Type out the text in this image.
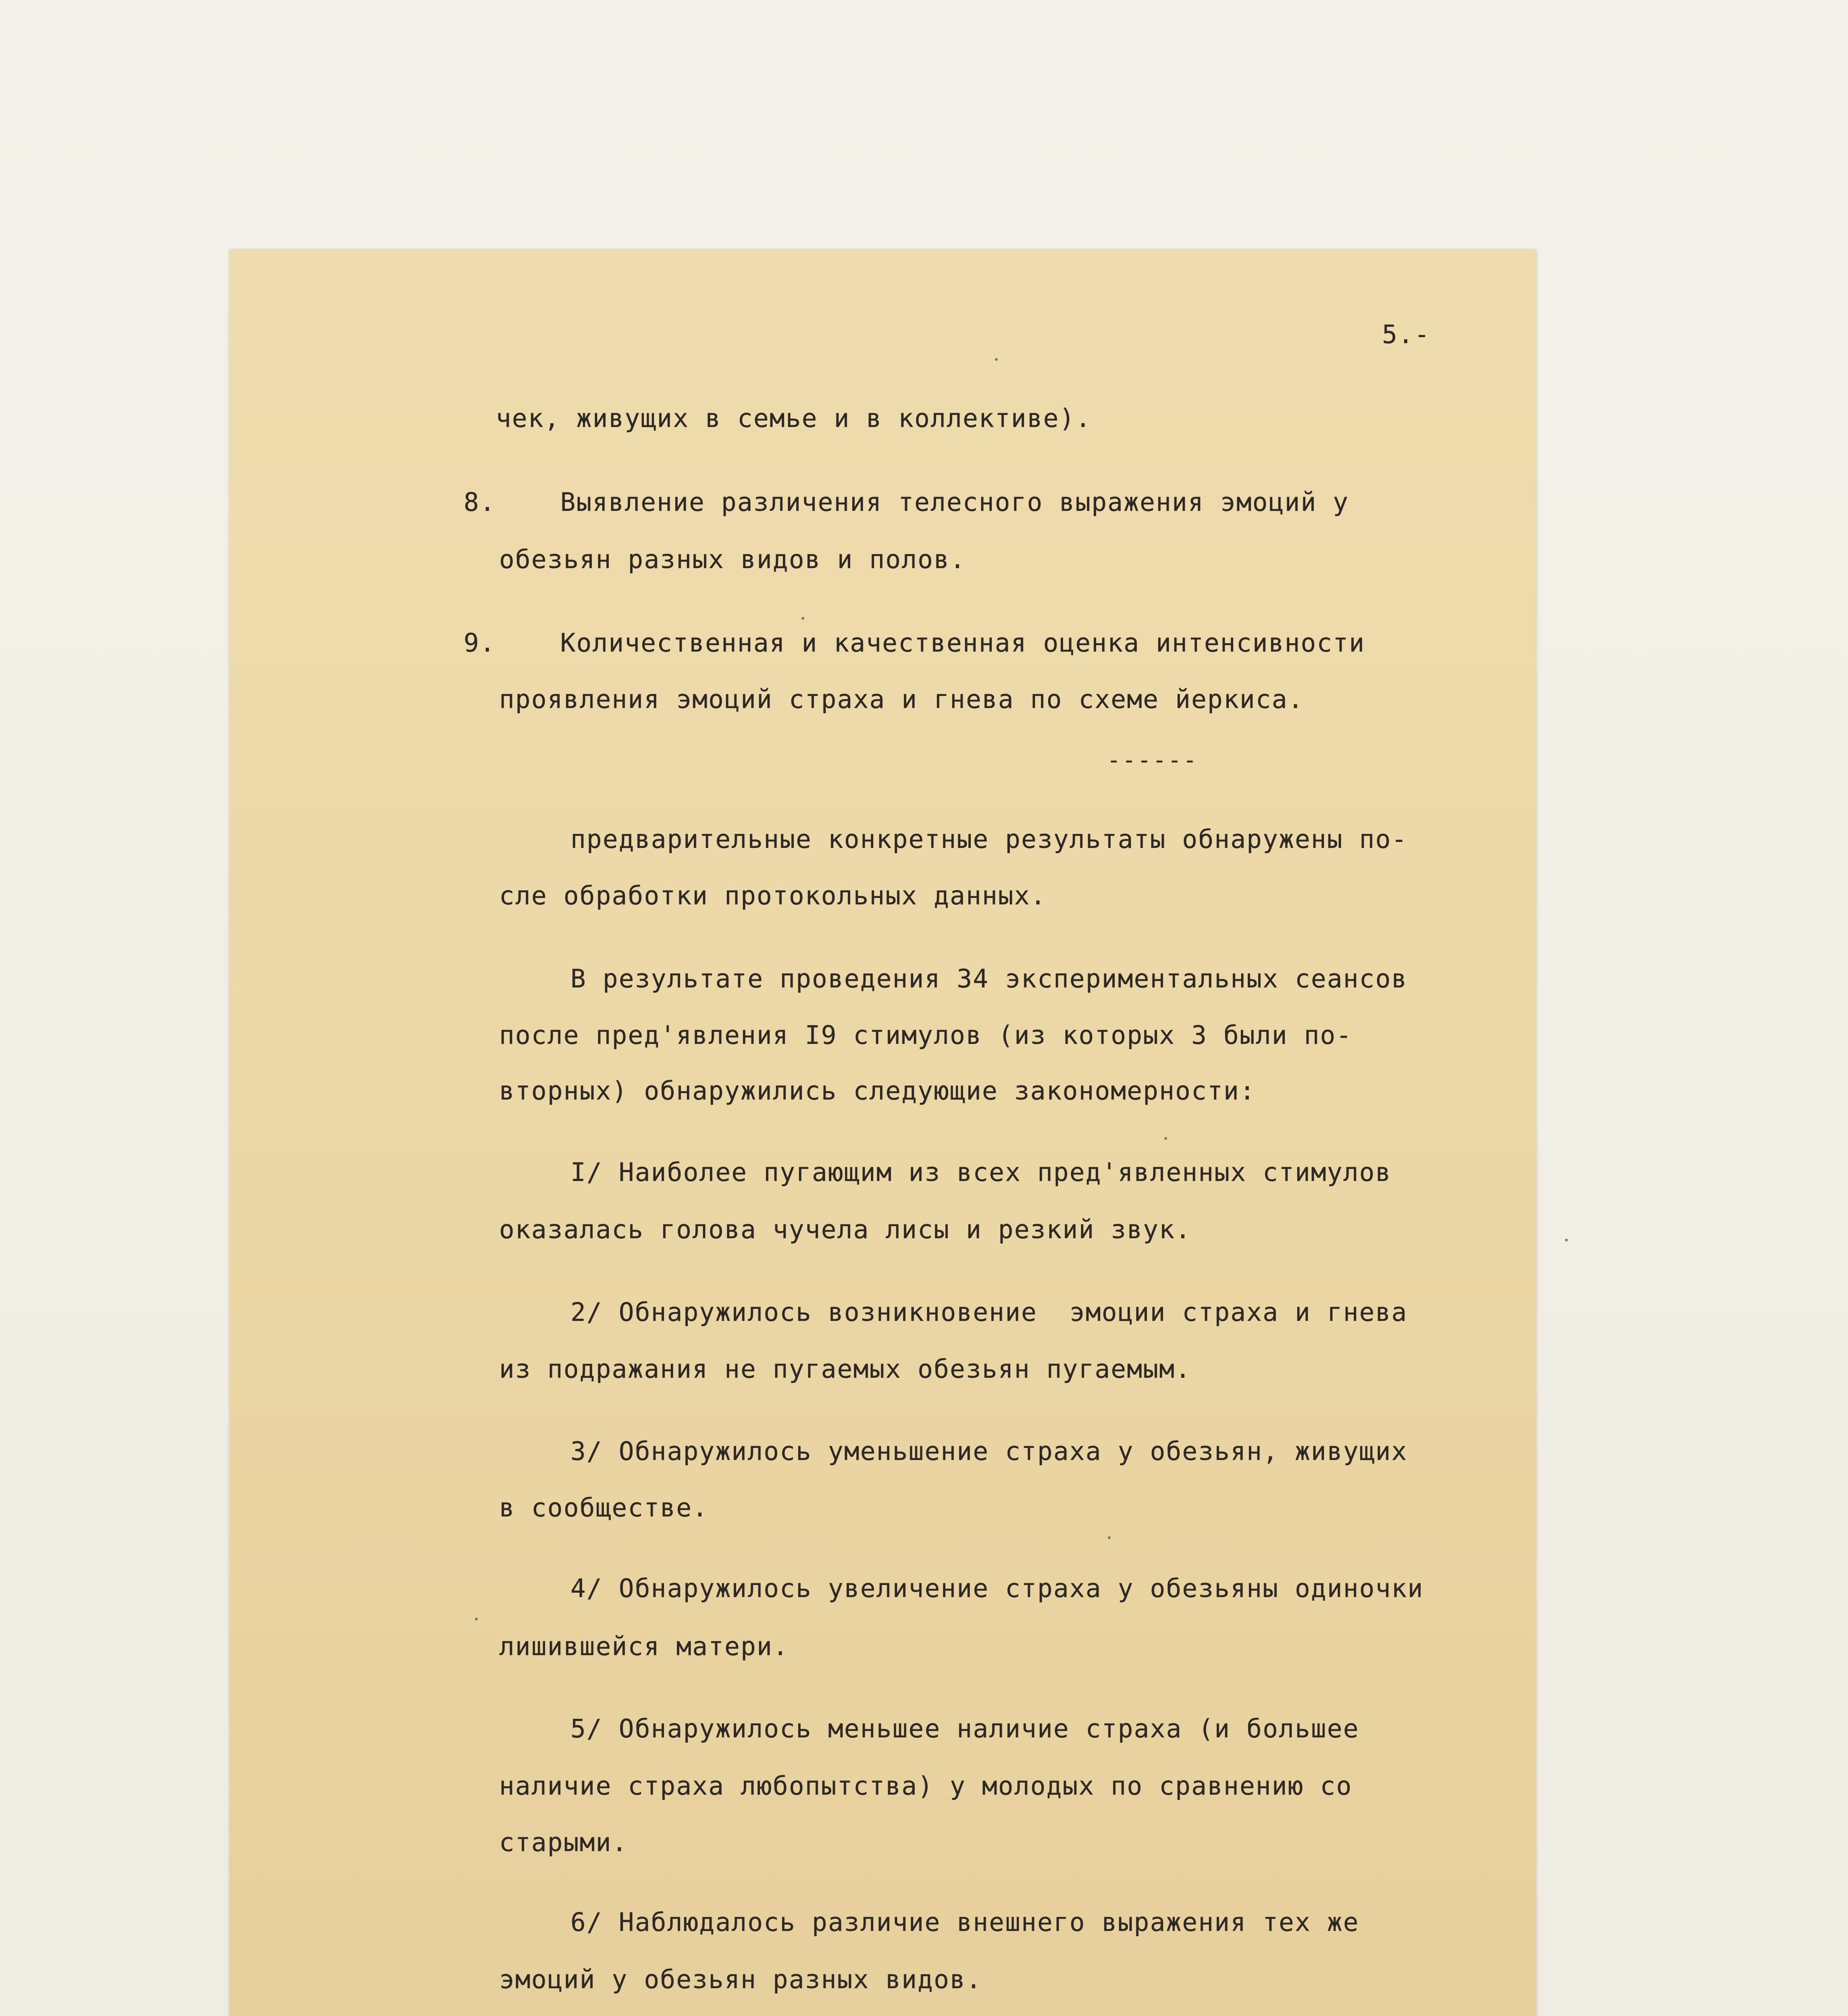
5.-
чек, живущих в семье и в коллективе).
8.    Выявление различения телесного выражения эмоций у
обезьян разных видов и полов.
9.    Количественная и качественная оценка интенсивности
проявления эмоций страха и гнева по схеме йеркиса.
------
предварительные конкретные результаты обнаружены по-
сле обработки протокольных данных.
В результате проведения 34 экспериментальных сеансов
после пред'явления I9 стимулов (из которых 3 были по-
вторных) обнаружились следующие закономерности:
I/ Наиболее пугающим из всех пред'явленных стимулов
оказалась голова чучела лисы и резкий звук.
2/ Обнаружилось возникновение  эмоции страха и гнева
из подражания не пугаемых обезьян пугаемым.
3/ Обнаружилось уменьшение страха у обезьян, живущих
в сообществе.
4/ Обнаружилось увеличение страха у обезьяны одиночки
лишившейся матери.
5/ Обнаружилось меньшее наличие страха (и большее
наличие страха любопытства) у молодых по сравнению со
старыми.
6/ Наблюдалось различие внешнего выражения тех же
эмоций у обезьян разных видов.
